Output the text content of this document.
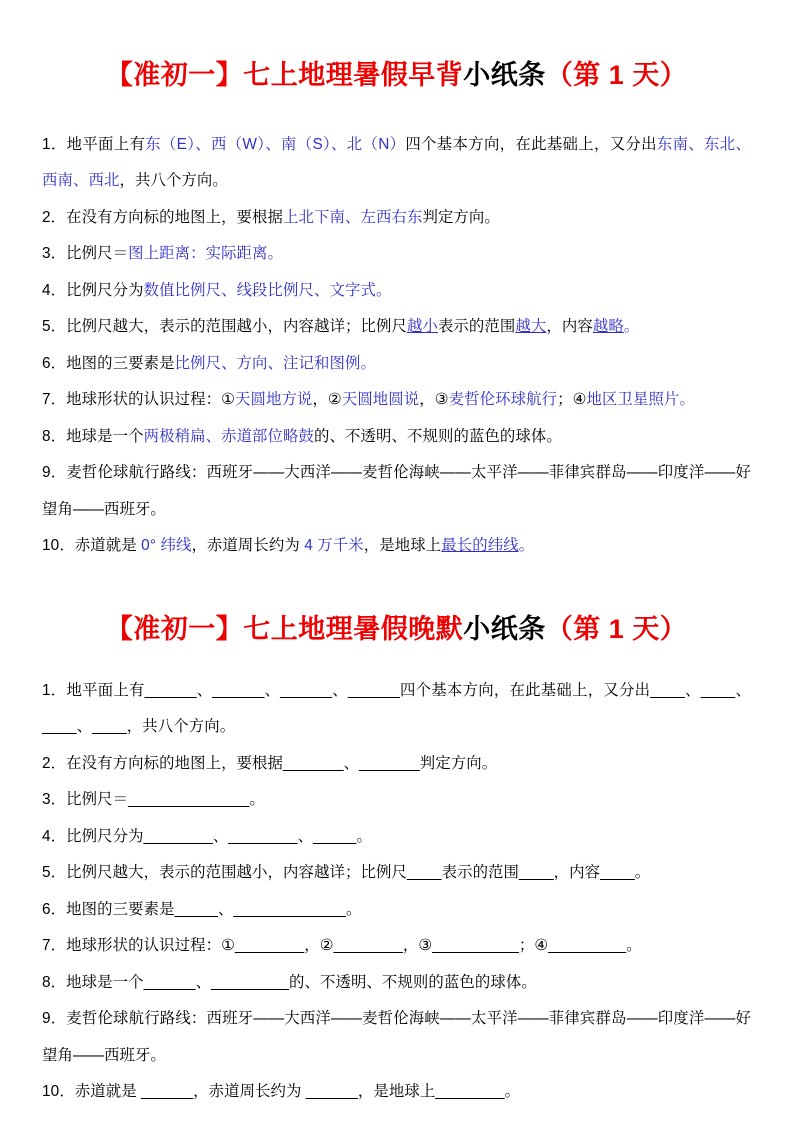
【准初一】七上地理暑假早背小纸条（第 1 天）

1．地平面上有东（E）、西（W）、南（S）、北（N）四个基本方向，在此基础上，又分出东南、东北、西南、西北，共八个方向。

2．在没有方向标的地图上，要根据上北下南、左西右东判定方向。

3．比例尺＝图上距离：实际距离。

4．比例尺分为数值比例尺、线段比例尺、文字式。

5．比例尺越大，表示的范围越小，内容越详；比例尺越小表示的范围越大，内容越略。

6．地图的三要素是比例尺、方向、注记和图例。

7．地球形状的认识过程：①天圆地方说，②天圆地圆说，③麦哲伦环球航行；④地区卫星照片。

8．地球是一个两极稍扁、赤道部位略鼓的、不透明、不规则的蓝色的球体。

9．麦哲伦球航行路线：西班牙——大西洋——麦哲伦海峡——太平洋——菲律宾群岛——印度洋——好望角——西班牙。

10．赤道就是 0° 纬线，赤道周长约为 4 万千米，是地球上最长的纬线。

【准初一】七上地理暑假晚默小纸条（第 1 天）

1．地平面上有______、______、______、______四个基本方向，在此基础上，又分出____、____、____、____，共八个方向。

2．在没有方向标的地图上，要根据_______、_______判定方向。

3．比例尺＝______________。

4．比例尺分为________、________、_____。

5．比例尺越大，表示的范围越小，内容越详；比例尺____表示的范围____，内容____。

6．地图的三要素是_____、_____________。

7．地球形状的认识过程：①________，②________，③__________；④_________。

8．地球是一个______、_________的、不透明、不规则的蓝色的球体。

9．麦哲伦球航行路线：西班牙——大西洋——麦哲伦海峡——太平洋——菲律宾群岛——印度洋——好望角——西班牙。

10．赤道就是 ______，赤道周长约为 ______，是地球上________。
